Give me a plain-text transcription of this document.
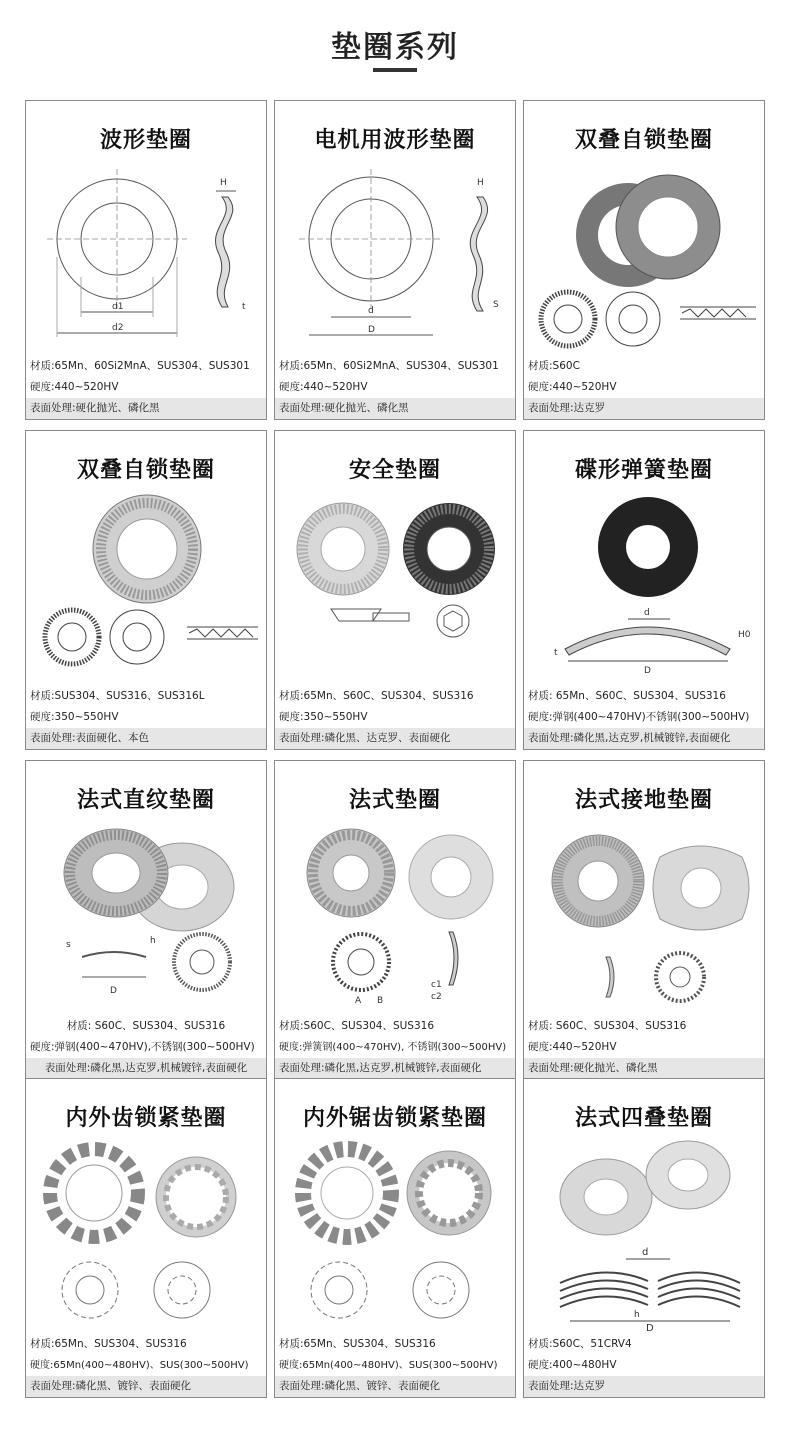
垫圈系列
波形垫圈
H
d1
d2
t
材质:65Mn、60Si2MnA、SUS304、SUS301
硬度:440~520HV
表面处理:硬化抛光、磷化黑
电机用波形垫圈
H
d
D
S
材质:65Mn、60Si2MnA、SUS304、SUS301
硬度:440~520HV
表面处理:硬化抛光、磷化黑
双叠自锁垫圈
材质:S60C
硬度:440~520HV
表面处理:达克罗
双叠自锁垫圈
材质:SUS304、SUS316、SUS316L
硬度:350~550HV
表面处理:表面硬化、本色
安全垫圈
材质:65Mn、S60C、SUS304、SUS316
硬度:350~550HV
表面处理:磷化黑、达克罗、表面硬化
碟形弹簧垫圈
d
D
H0
t
材质: 65Mn、S60C、SUS304、SUS316
硬度:弹钢(400~470HV)不锈钢(300~500HV)
表面处理:磷化黑,达克罗,机械镀锌,表面硬化
法式直纹垫圈
s	h
D
材质: S60C、SUS304、SUS316
硬度:弹钢(400~470HV),不锈钢(300~500HV)
表面处理:磷化黑,达克罗,机械镀锌,表面硬化
法式垫圈
A B
c1
c2
材质:S60C、SUS304、SUS316
硬度:弹簧钢(400~470HV), 不锈钢(300~500HV)
表面处理:磷化黑,达克罗,机械镀锌,表面硬化
法式接地垫圈
材质: S60C、SUS304、SUS316
硬度:440~520HV
表面处理:硬化抛光、磷化黑
内外齿锁紧垫圈
材质:65Mn、SUS304、SUS316
硬度:65Mn(400~480HV)、SUS(300~500HV)
表面处理:磷化黑、镀锌、表面硬化
内外锯齿锁紧垫圈
材质:65Mn、SUS304、SUS316
硬度:65Mn(400~480HV)、SUS(300~500HV)
表面处理:磷化黑、镀锌、表面硬化
法式四叠垫圈
d
h
D
材质:S60C、51CRV4
硬度:400~480HV
表面处理:达克罗
